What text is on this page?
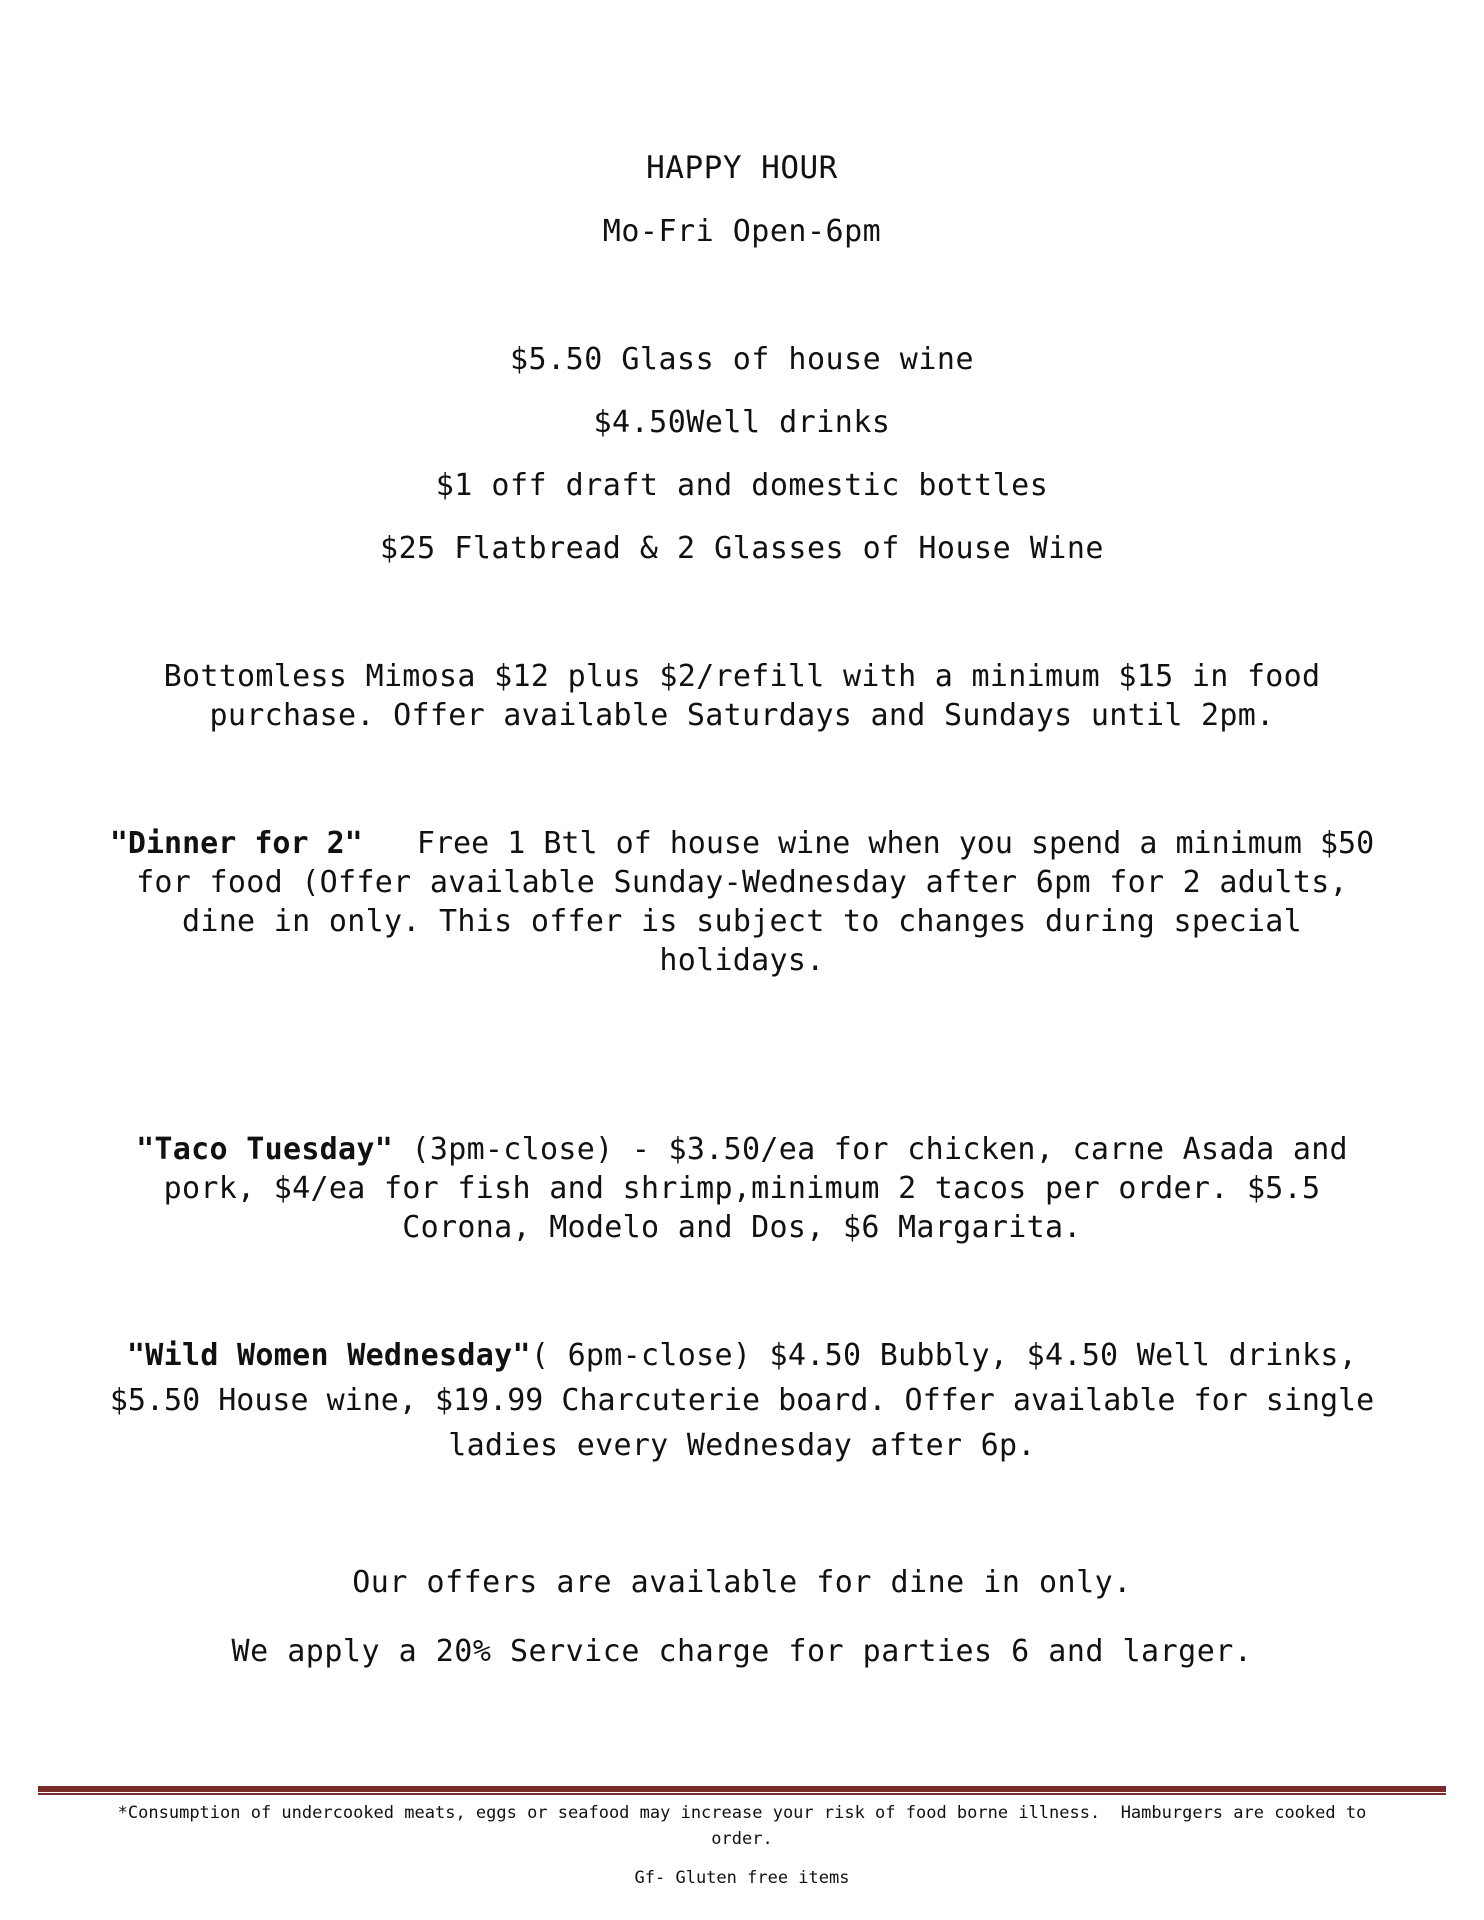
HAPPY HOUR
Mo-Fri Open-6pm
$5.50 Glass of house wine
$4.50Well drinks
$1 off draft and domestic bottles
$25 Flatbread & 2 Glasses of House Wine
Bottomless Mimosa $12 plus $2/refill with a minimum $15 in food
purchase. Offer available Saturdays and Sundays until 2pm.
"Dinner for 2"   Free 1 Btl of house wine when you spend a minimum $50
for food (Offer available Sunday-Wednesday after 6pm for 2 adults,
dine in only. This offer is subject to changes during special
holidays.
"Taco Tuesday" (3pm-close) - $3.50/ea for chicken, carne Asada and
pork, $4/ea for fish and shrimp,minimum 2 tacos per order. $5.5
Corona, Modelo and Dos, $6 Margarita.
"Wild Women Wednesday"( 6pm-close) $4.50 Bubbly, $4.50 Well drinks,
$5.50 House wine, $19.99 Charcuterie board. Offer available for single
ladies every Wednesday after 6p.
Our offers are available for dine in only.
We apply a 20% Service charge for parties 6 and larger.
*Consumption of undercooked meats, eggs or seafood may increase your risk of food borne illness.  Hamburgers are cooked to
order.
Gf- Gluten free items
